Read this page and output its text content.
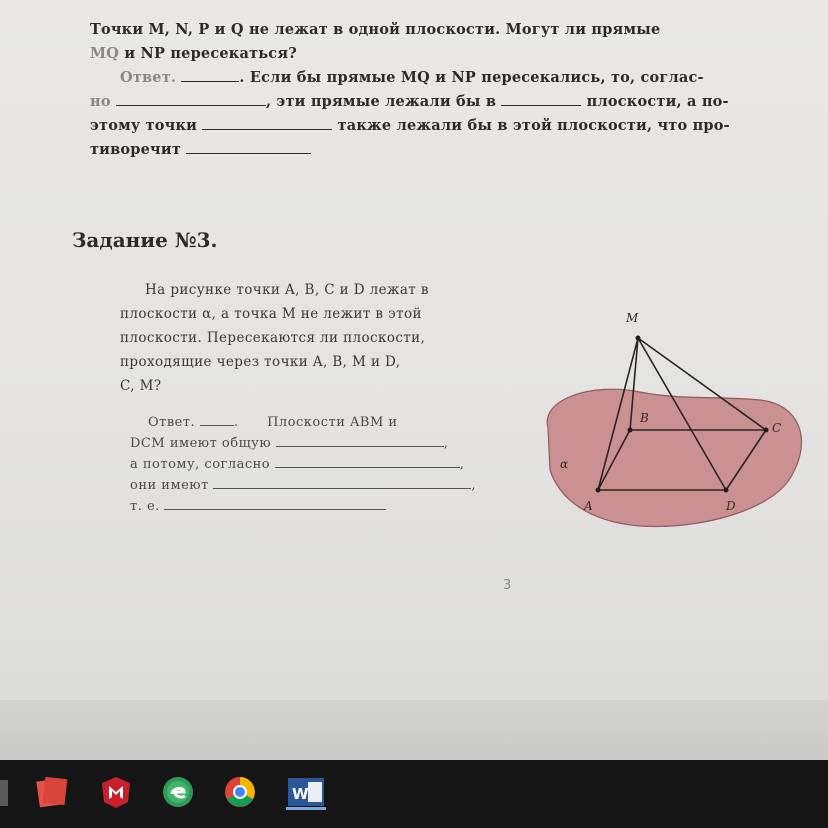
Точки M, N, P и Q не лежат в одной плоскости. Могут ли прямые
MQ и NP пересекаться?
Ответ.	. Если бы прямые MQ и NP пересекались, то, соглас-
но	, эти прямые лежали бы в	плоскости, а по-
этому точки	также лежали бы в этой плоскости, что про-
тиворечит
Задание №3.
На рисунке точки A, B, C и D лежат в
плоскости α, а точка M не лежит в этой
плоскости. Пересекаются ли плоскости,
проходящие через точки A, B, M и D,
C, M?
Ответ.	. Плоскости ABM и
DCM имеют общую	,
а потому, согласно	,
они имеют	,
т. е.
M
B
C
A	D
α
3
W
